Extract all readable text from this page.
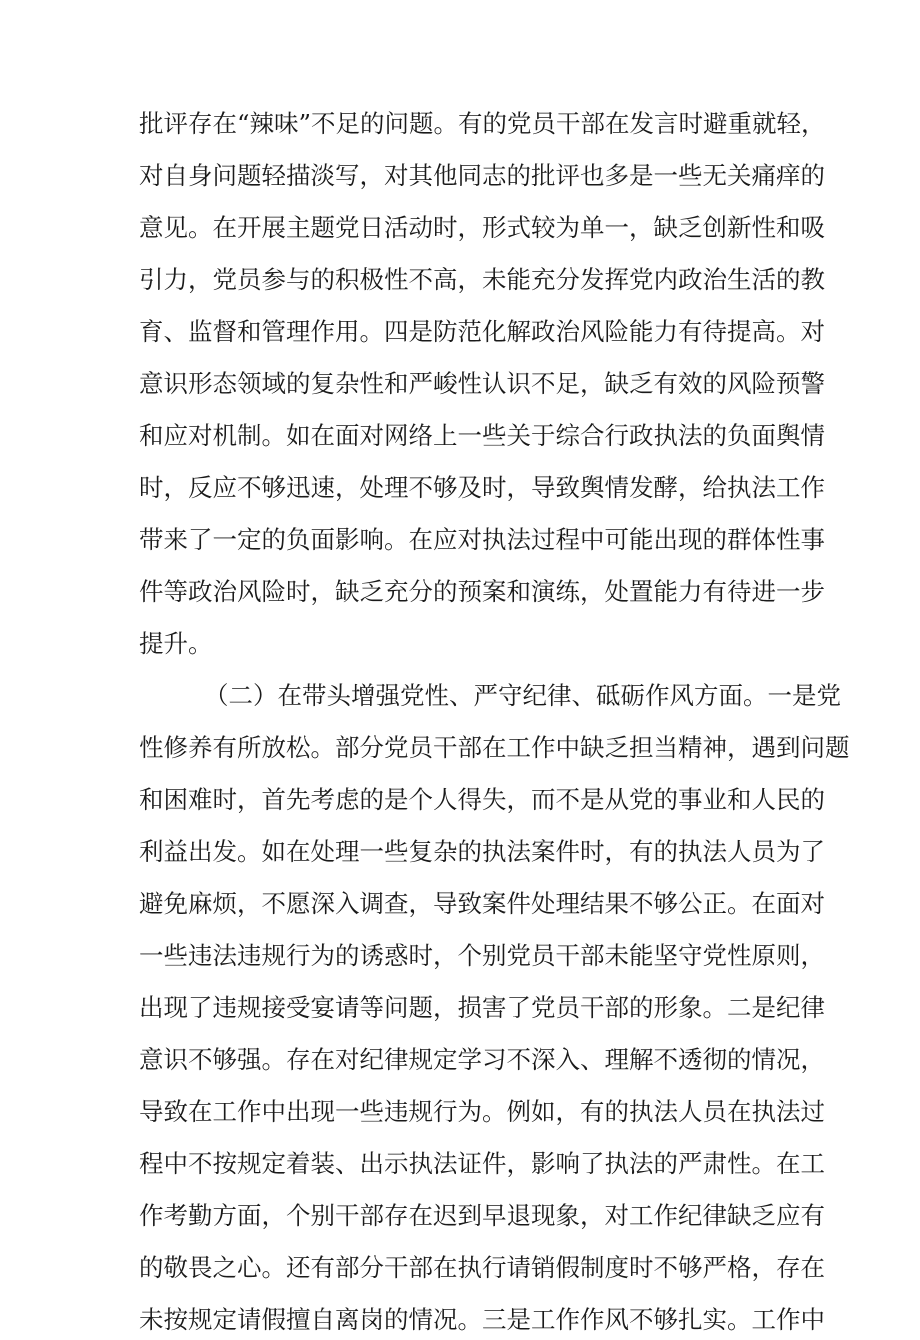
批评存在“辣味”不足的问题。有的党员干部在发言时避重就轻，
对自身问题轻描淡写，对其他同志的批评也多是一些无关痛痒的
意见。在开展主题党日活动时，形式较为单一，缺乏创新性和吸
引力，党员参与的积极性不高，未能充分发挥党内政治生活的教
育、监督和管理作用。四是防范化解政治风险能力有待提高。对
意识形态领域的复杂性和严峻性认识不足，缺乏有效的风险预警
和应对机制。如在面对网络上一些关于综合行政执法的负面舆情
时，反应不够迅速，处理不够及时，导致舆情发酵，给执法工作
带来了一定的负面影响。在应对执法过程中可能出现的群体性事
件等政治风险时，缺乏充分的预案和演练，处置能力有待进一步
提升。
（二）在带头增强党性、严守纪律、砥砺作风方面。一是党
性修养有所放松。部分党员干部在工作中缺乏担当精神，遇到问题
和困难时，首先考虑的是个人得失，而不是从党的事业和人民的
利益出发。如在处理一些复杂的执法案件时，有的执法人员为了
避免麻烦，不愿深入调查，导致案件处理结果不够公正。在面对
一些违法违规行为的诱惑时，个别党员干部未能坚守党性原则，
出现了违规接受宴请等问题，损害了党员干部的形象。二是纪律
意识不够强。存在对纪律规定学习不深入、理解不透彻的情况，
导致在工作中出现一些违规行为。例如，有的执法人员在执法过
程中不按规定着装、出示执法证件，影响了执法的严肃性。在工
作考勤方面，个别干部存在迟到早退现象，对工作纪律缺乏应有
的敬畏之心。还有部分干部在执行请销假制度时不够严格，存在
未按规定请假擅自离岗的情况。三是工作作风不够扎实。工作中
